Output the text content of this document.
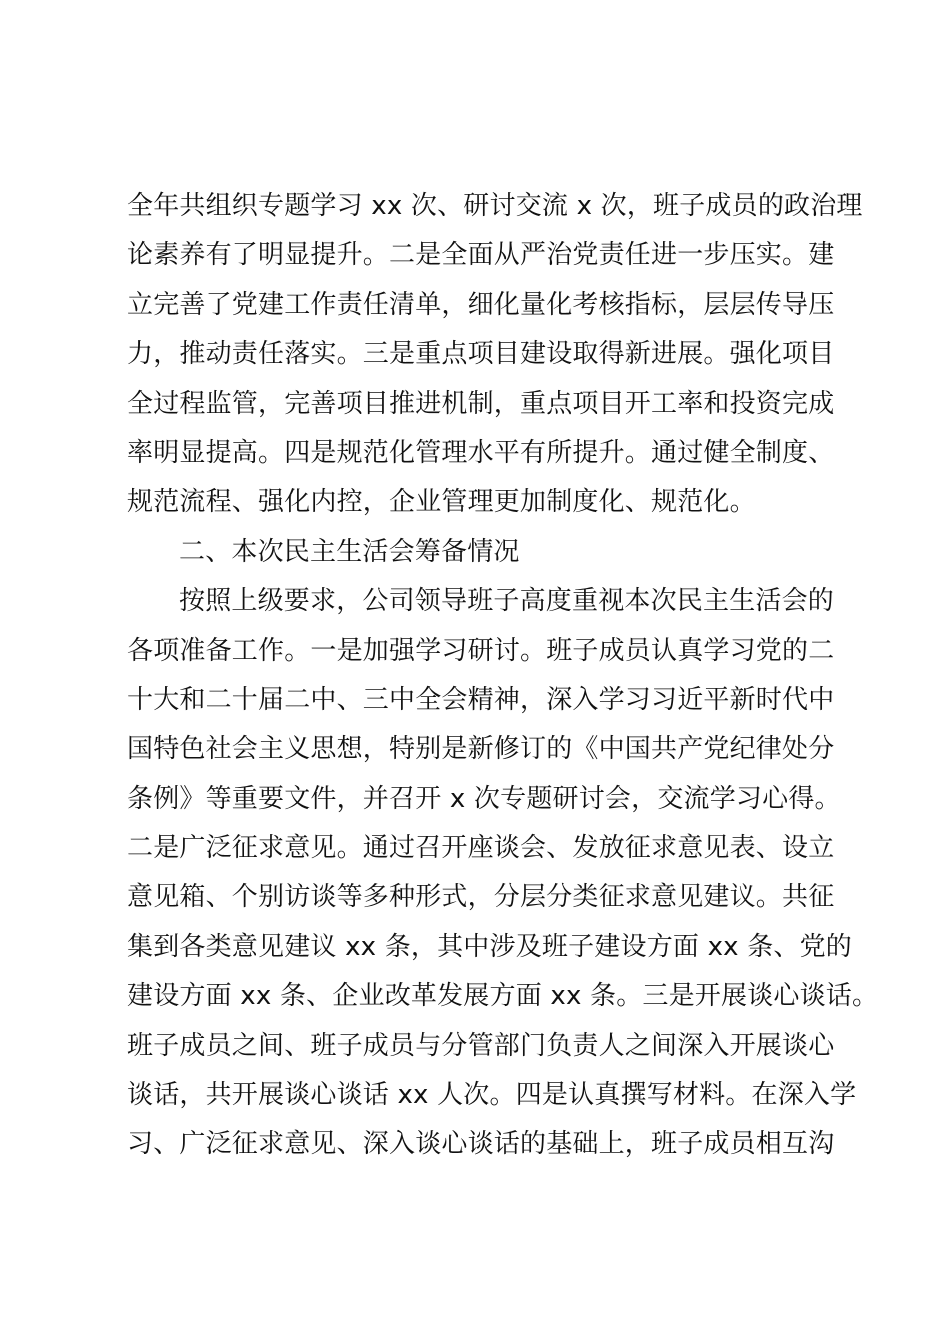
全年共组织专题学习 xx 次、研讨交流 x 次，班子成员的政治理
论素养有了明显提升。二是全面从严治党责任进一步压实。建
立完善了党建工作责任清单，细化量化考核指标，层层传导压
力，推动责任落实。三是重点项目建设取得新进展。强化项目
全过程监管，完善项目推进机制，重点项目开工率和投资完成
率明显提高。四是规范化管理水平有所提升。通过健全制度、
规范流程、强化内控，企业管理更加制度化、规范化。
二、本次民主生活会筹备情况
按照上级要求，公司领导班子高度重视本次民主生活会的
各项准备工作。一是加强学习研讨。班子成员认真学习党的二
十大和二十届二中、三中全会精神，深入学习习近平新时代中
国特色社会主义思想，特别是新修订的《中国共产党纪律处分
条例》等重要文件，并召开 x 次专题研讨会，交流学习心得。
二是广泛征求意见。通过召开座谈会、发放征求意见表、设立
意见箱、个别访谈等多种形式，分层分类征求意见建议。共征
集到各类意见建议 xx 条，其中涉及班子建设方面 xx 条、党的
建设方面 xx 条、企业改革发展方面 xx 条。三是开展谈心谈话。
班子成员之间、班子成员与分管部门负责人之间深入开展谈心
谈话，共开展谈心谈话 xx 人次。四是认真撰写材料。在深入学
习、广泛征求意见、深入谈心谈话的基础上，班子成员相互沟
